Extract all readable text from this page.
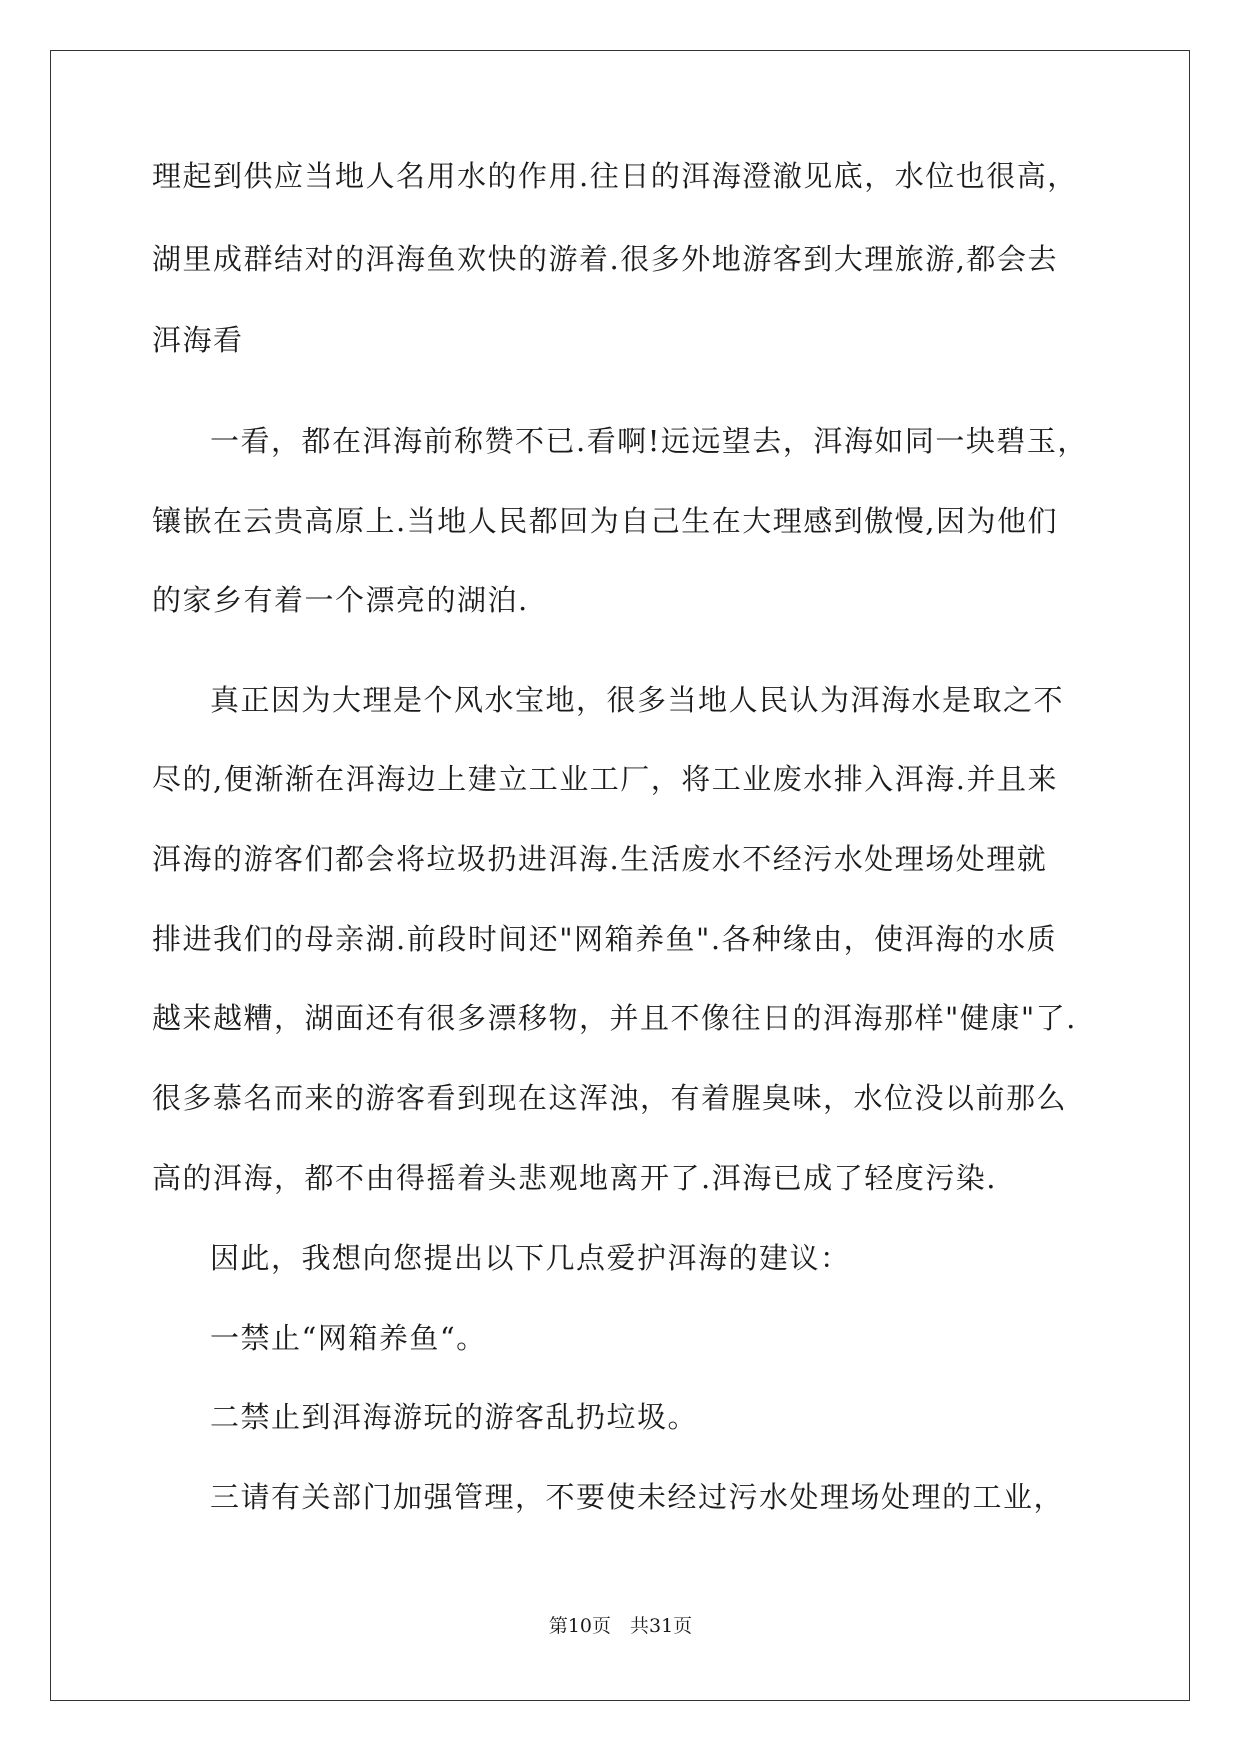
理起到供应当地人名用水的作用.往日的洱海澄澈见底，水位也很高，
湖里成群结对的洱海鱼欢快的游着.很多外地游客到大理旅游,都会去
洱海看
一看，都在洱海前称赞不已.看啊!远远望去，洱海如同一块碧玉，
镶嵌在云贵高原上.当地人民都回为自己生在大理感到傲慢,因为他们
的家乡有着一个漂亮的湖泊.
真正因为大理是个风水宝地，很多当地人民认为洱海水是取之不
尽的,便渐渐在洱海边上建立工业工厂，将工业废水排入洱海.并且来
洱海的游客们都会将垃圾扔进洱海.生活废水不经污水处理场处理就
排进我们的母亲湖.前段时间还"网箱养鱼".各种缘由，使洱海的水质
越来越糟，湖面还有很多漂移物，并且不像往日的洱海那样"健康"了.
很多慕名而来的游客看到现在这浑浊，有着腥臭味，水位没以前那么
高的洱海，都不由得摇着头悲观地离开了.洱海已成了轻度污染.
因此，我想向您提出以下几点爱护洱海的建议：
一禁止“网箱养鱼“。
二禁止到洱海游玩的游客乱扔垃圾。
三请有关部门加强管理，不要使未经过污水处理场处理的工业，
第10页　共31页
